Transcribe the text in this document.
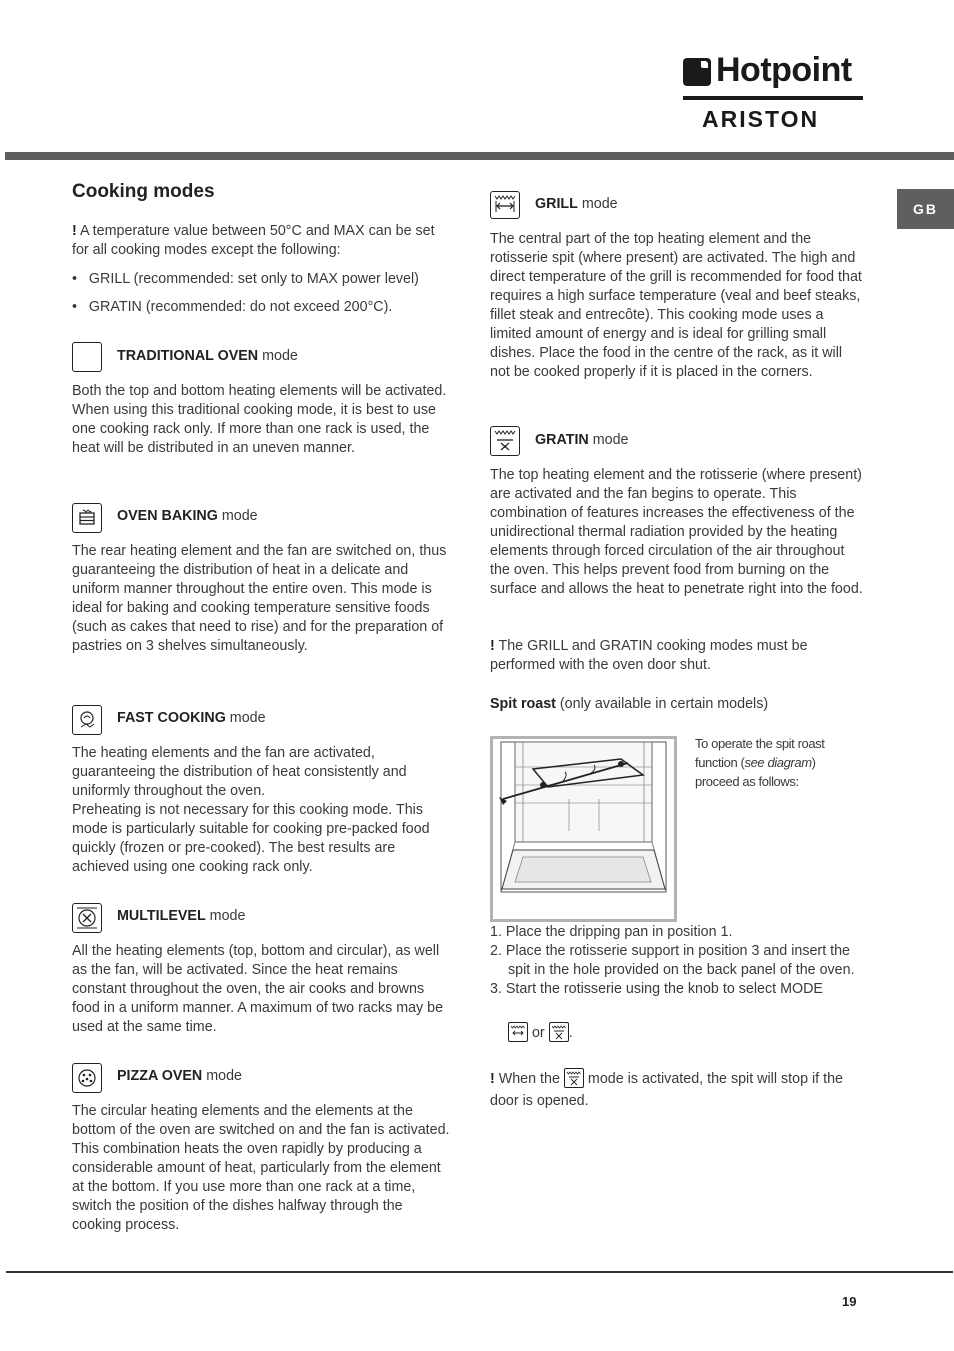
Hotpoint
ARISTON
GB
Cooking modes

! A temperature value between 50°C and MAX can be set for all cooking modes except the following:

•   GRILL (recommended: set only to MAX power level)
•   GRATIN (recommended: do not exceed 200°C).
TRADITIONAL OVEN mode

Both the top and bottom heating elements will be activated. When using this traditional cooking mode, it is best to use one cooking rack only. If more than one rack is used, the heat will be distributed in an uneven manner.

OVEN BAKING mode

The rear heating element and the fan are switched on, thus guaranteeing the distribution of heat in a delicate and uniform manner throughout the entire oven. This mode is ideal for baking and cooking temperature sensitive foods (such as cakes that need to rise) and for the preparation of pastries on 3 shelves simultaneously.

FAST COOKING mode

The heating elements and the fan are activated, guaranteeing the distribution of heat consistently and uniformly throughout the oven.

Preheating is not necessary for this cooking mode. This mode is particularly suitable for cooking pre-packed food quickly (frozen or pre-cooked). The best results are achieved using one cooking rack only.

MULTILEVEL mode

All the heating elements (top, bottom and circular), as well as the fan, will be activated. Since the heat remains constant throughout the oven, the air cooks and browns food in a uniform manner. A maximum of two racks may be used at the same time.

PIZZA OVEN mode

The circular heating elements and the elements at the bottom of the oven are switched on and the fan is activated. This combination heats the oven rapidly by producing a considerable amount of heat, particularly from the element at the bottom. If you use more than one rack at a time, switch the position of the dishes halfway through the cooking process.

GRILL mode

The central part of the top heating element and the rotisserie spit (where present) are activated. The high and direct temperature of the grill is recommended for food that requires a high surface temperature (veal and beef steaks, fillet steak and entrecôte). This cooking mode uses a limited amount of energy and is ideal for grilling small dishes. Place the food in the centre of the rack, as it will not be cooked properly if it is placed in the corners.

GRATIN mode

The top heating element and the rotisserie (where present) are activated and the fan begins to operate. This combination of features increases the effectiveness of the unidirectional thermal radiation provided by the heating elements through forced circulation of the air throughout the oven. This helps prevent food from burning on the surface and allows the heat to penetrate right into the food.

! The GRILL and GRATIN cooking modes must be performed with the oven door shut.

Spit roast (only available in certain models)

To operate the spit roast function (see diagram) proceed as follows:
1. Place the dripping pan in position 1.
2. Place the rotisserie support in position 3 and insert the spit in the hole provided on the back panel of the oven.
3. Start the rotisserie using the knob to select MODE
or .

! When the mode is activated, the spit will stop if the door is opened.

19
